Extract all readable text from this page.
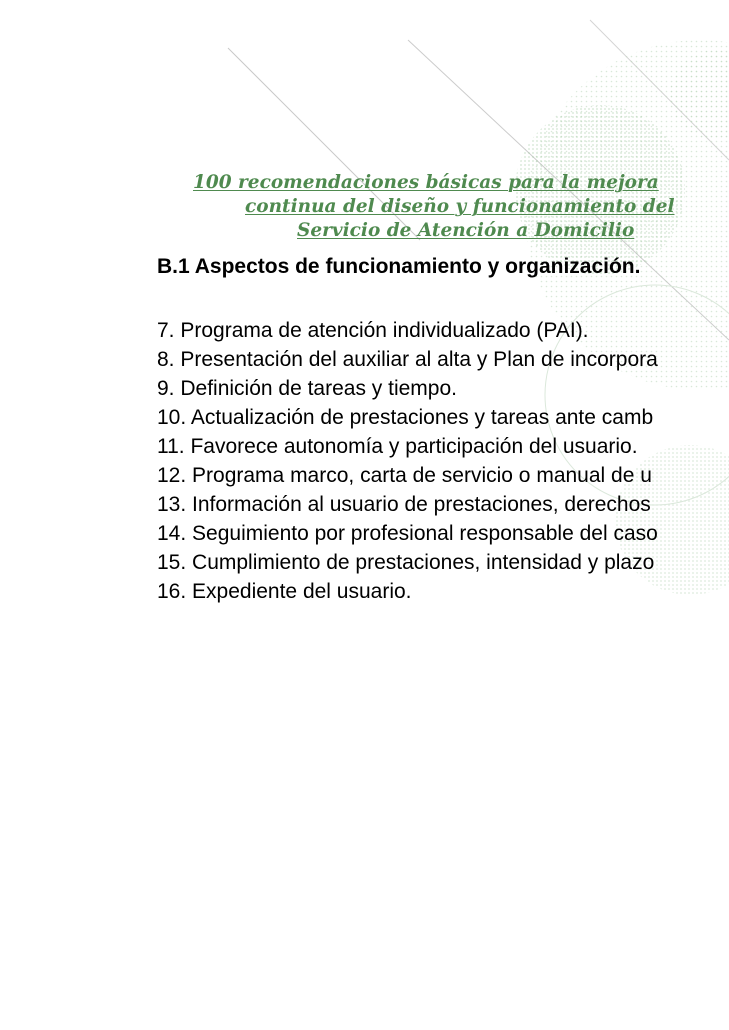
100 recomendaciones básicas para la mejora
continua del diseño y funcionamiento del
Servicio de Atención a Domicilio
B.1 Aspectos de funcionamiento y organización.
7. Programa de atención individualizado (PAI).
8. Presentación del auxiliar al alta y Plan de incorpora
9. Definición de tareas y tiempo.
10. Actualización de prestaciones y tareas ante camb
11. Favorece autonomía y participación del usuario.
12. Programa marco, carta de servicio o manual de u
13. Información al usuario de prestaciones, derechos
14. Seguimiento por profesional responsable del caso
15. Cumplimiento de prestaciones, intensidad y plazo
16. Expediente del usuario.
